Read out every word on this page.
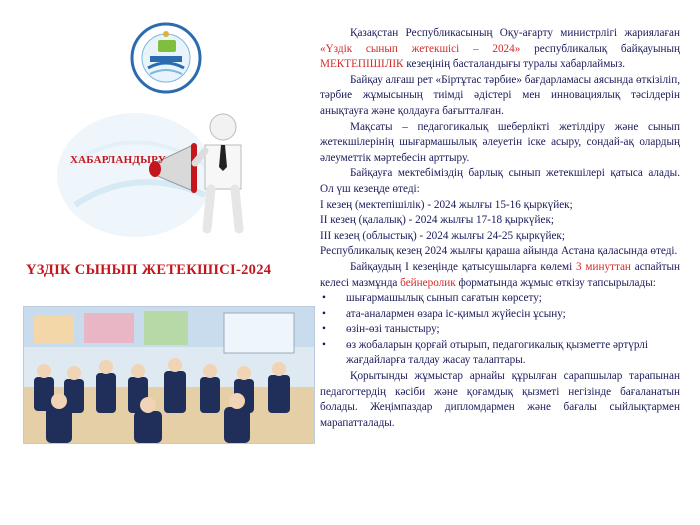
ХАБАРЛАНДЫРУ
ҮЗДІК СЫНЫП ЖЕТЕКШІСІ-2024

Қазақстан Республикасының Оқу-ағарту министрлігі жариялаған «Үздік сынып жетекшісі – 2024» республикалық байқауының МЕКТЕПІШІЛІК кезеңінің басталандығы туралы хабарлаймыз.

Байқау алғаш рет «Біртұтас тәрбие» бағдарламасы аясында өткізіліп, тәрбие жұмысының тиімді әдістері мен инновациялық тәсілдерін анықтауға және қолдауға бағытталған.

Мақсаты – педагогикалық шеберлікті жетілдіру және сынып жетекшілерінің шығармашылық әлеуетін іске асыру, сондай-ақ олардың әлеуметтік мәртебесін арттыру.

Байқауға мектебіміздің барлық сынып жетекшілері қатыса алады. Ол үш кезеңде өтеді:

I кезең (мектепішілік) - 2024 жылғы 15-16 қыркүйек;

II кезең (қалалық) - 2024 жылғы 17-18 қыркүйек;

III кезең (облыстық) - 2024 жылғы 24-25 қыркүйек;

Республикалық кезең 2024 жылғы қараша айында Астана қаласында өтеді.

Байқаудың I кезеңінде қатысушыларға көлемі 3 минуттан аспайтын келесі мазмұнда бейнеролик форматында жұмыс өткізу тапсырылады:

• шығармашылық сынып сағатын көрсету;
• ата-аналармен өзара іс-қимыл жүйесін ұсыну;
• өзін-өзі таныстыру;
• өз жобаларын қорғай отырып, педагогикалық қызметте әртүрлі жағдайларға талдау жасау талаптары.

Қорытынды жұмыстар арнайы құрылған сарапшылар тарапынан педагогтердің кәсіби және қоғамдық қызметі негізінде бағаланатын болады. Жеңімпаздар дипломдармен және бағалы сыйлықтармен марапатталады.
